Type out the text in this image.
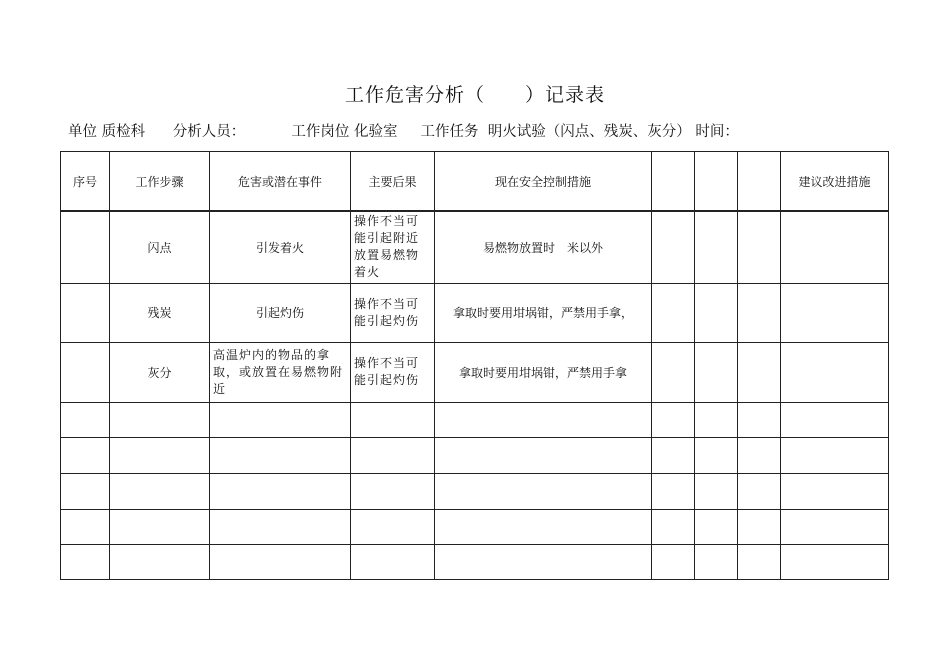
工作危害分析（　　）记录表
单位 质检科 分析人员：	工作岗位 化验室 工作任务 明火试验（闪点、残炭、灰分） 时间：
序号	工作步骤	危害或潜在事件	主要后果	现在安全控制措施				建议改进措施
	闪点	引发着火	操作不当可能引起附近放置易燃物着火	易燃物放置时　米以外				
	残炭	引起灼伤	操作不当可能引起灼伤	拿取时要用坩埚钳，严禁用手拿，				
	灰分	高温炉内的物品的拿取，或放置在易燃物附近	操作不当可能引起灼伤	拿取时要用坩埚钳，严禁用手拿				
